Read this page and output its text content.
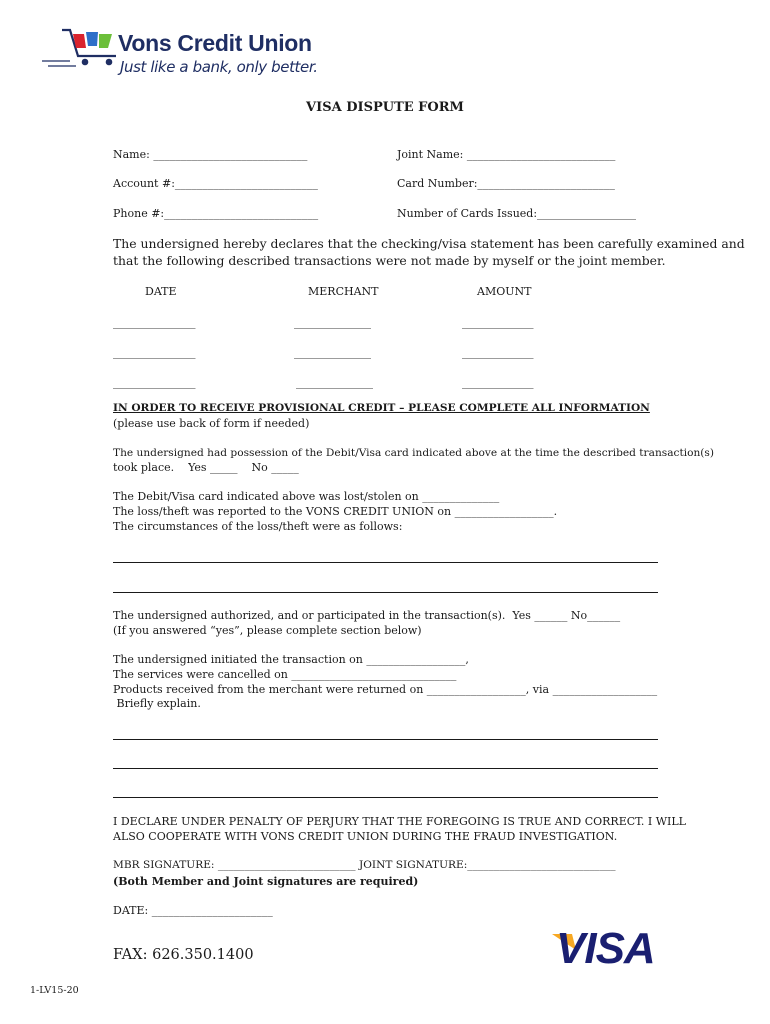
Vons Credit Union

Just like a bank, only better.

VISA DISPUTE FORM
Name: ____________________________	Joint Name: ___________________________
Account #:__________________________	Card Number:_________________________
Phone #:____________________________	Number of Cards Issued:__________________
The undersigned hereby declares that the checking/visa statement has been carefully examined and
that the following described transactions were not made by myself or the joint member.
DATE	MERCHANT	AMOUNT
_______________	______________	_____________
_______________	______________	_____________
_______________	______________	_____________
IN ORDER TO RECEIVE PROVISIONAL CREDIT – PLEASE COMPLETE ALL INFORMATION
(please use back of form if needed)
The undersigned had possession of the Debit/Visa card indicated above at the time the described transaction(s)
took place.    Yes _____    No _____
The Debit/Visa card indicated above was lost/stolen on ______________
The loss/theft was reported to the VONS CREDIT UNION on __________________.
The circumstances of the loss/theft were as follows:
The undersigned authorized, and or participated in the transaction(s).  Yes ______ No______
(If you answered “yes”, please complete section below)
The undersigned initiated the transaction on __________________,
The services were cancelled on ______________________________
Products received from the merchant were returned on __________________, via ___________________
Briefly explain.
I DECLARE UNDER PENALTY OF PERJURY THAT THE FOREGOING IS TRUE AND CORRECT. I WILL
ALSO COOPERATE WITH VONS CREDIT UNION DURING THE FRAUD INVESTIGATION.
MBR SIGNATURE: __________________________ JOINT SIGNATURE:____________________________
(Both Member and Joint signatures are required)
DATE: ______________________
FAX: 626.350.1400

	VISA

1-LV15-20
